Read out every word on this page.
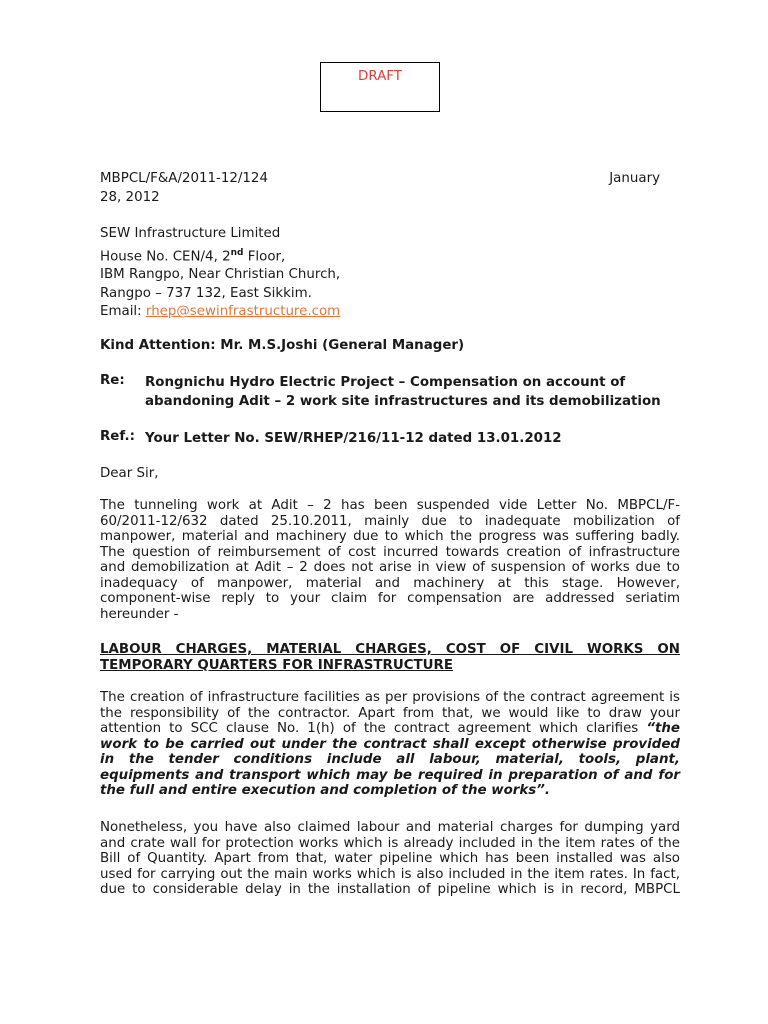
DRAFT
MBPCL/F&A/2011-12/124	January
28, 2012
SEW Infrastructure Limited
House No. CEN/4, 2nd Floor,
IBM Rangpo, Near Christian Church,
Rangpo – 737 132, East Sikkim.
Email: rhep@sewinfrastructure.com
Kind Attention: Mr. M.S.Joshi (General Manager)
Re: Rongnichu Hydro Electric Project – Compensation on account of
abandoning Adit – 2 work site infrastructures and its demobilization
Ref.: Your Letter No. SEW/RHEP/216/11-12 dated 13.01.2012
Dear Sir,
The tunneling work at Adit – 2 has been suspended vide Letter No. MBPCL/F-
60/2011-12/632 dated 25.10.2011, mainly due to inadequate mobilization of
manpower, material and machinery due to which the progress was suffering badly.
The question of reimbursement of cost incurred towards creation of infrastructure
and demobilization at Adit – 2 does not arise in view of suspension of works due to
inadequacy of manpower, material and machinery at this stage. However,
component-wise reply to your claim for compensation are addressed seriatim
hereunder -
LABOUR CHARGES, MATERIAL CHARGES, COST OF CIVIL WORKS ON
TEMPORARY QUARTERS FOR INFRASTRUCTURE
The creation of infrastructure facilities as per provisions of the contract agreement is
the responsibility of the contractor. Apart from that, we would like to draw your
attention to SCC clause No. 1(h) of the contract agreement which clarifies “the
work to be carried out under the contract shall except otherwise provided
in the tender conditions include all labour, material, tools, plant,
equipments and transport which may be required in preparation of and for
the full and entire execution and completion of the works”.
Nonetheless, you have also claimed labour and material charges for dumping yard
and crate wall for protection works which is already included in the item rates of the
Bill of Quantity. Apart from that, water pipeline which has been installed was also
used for carrying out the main works which is also included in the item rates. In fact,
due to considerable delay in the installation of pipeline which is in record, MBPCL
